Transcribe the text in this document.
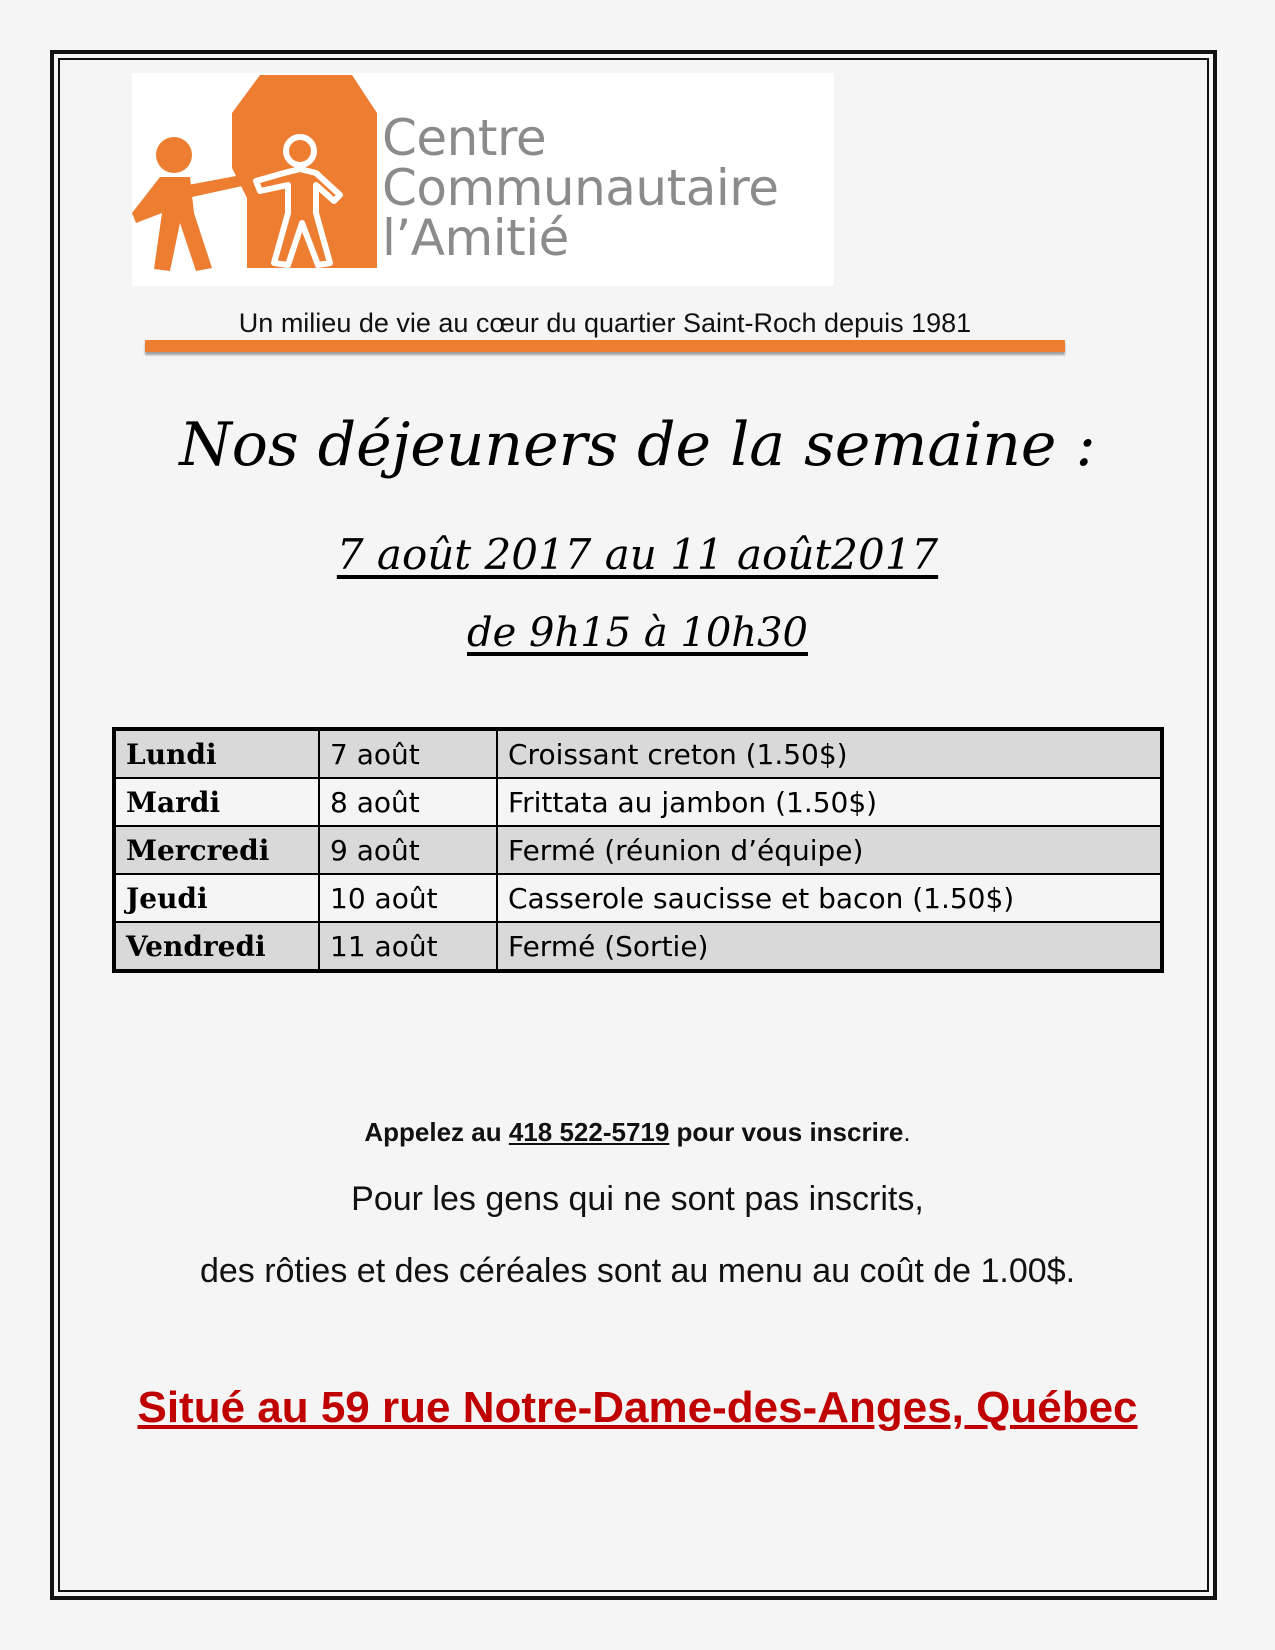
Centre
Communautaire
l’Amitié
Un milieu de vie au cœur du quartier Saint-Roch depuis 1981
Nos déjeuners de la semaine :
7 août 2017 au 11 août2017
de 9h15 à 10h30
Lundi	7 août	Croissant creton (1.50$)
Mardi	8 août	Frittata au jambon (1.50$)
Mercredi	9 août	Fermé (réunion d’équipe)
Jeudi	10 août	Casserole saucisse et bacon (1.50$)
Vendredi	11 août	Fermé (Sortie)
Appelez au 418 522-5719 pour vous inscrire.
Pour les gens qui ne sont pas inscrits,
des rôties et des céréales sont au menu au coût de 1.00$.
Situé au 59 rue Notre-Dame-des-Anges, Québec
